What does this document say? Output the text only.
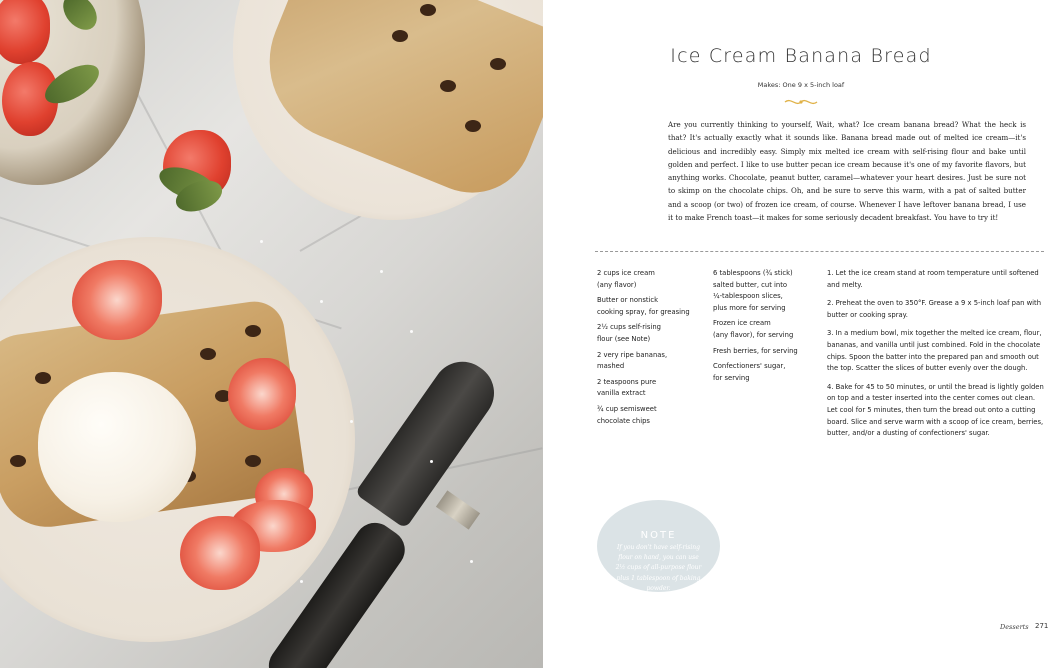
Ice Cream Banana Bread
Makes: One 9 x 5-inch loaf

Are you currently thinking to yourself, Wait, what? Ice cream banana bread? What the heck is that? It's actually exactly what it sounds like. Banana bread made out of melted ice cream—it's delicious and incredibly easy. Simply mix melted ice cream with self-rising flour and bake until golden and perfect. I like to use butter pecan ice cream because it's one of my favorite flavors, but anything works. Chocolate, peanut butter, caramel—whatever your heart desires. Just be sure not to skimp on the chocolate chips. Oh, and be sure to serve this warm, with a pat of salted butter and a scoop (or two) of frozen ice cream, of course. Whenever I have leftover banana bread, I use it to make French toast—it makes for some seriously decadent breakfast. You have to try it!

2 cups ice cream
(any flavor)
Butter or nonstick
cooking spray, for greasing
2½ cups self-rising
flour (see Note)
2 very ripe bananas,
mashed
2 teaspoons pure
vanilla extract
¾ cup semisweet
chocolate chips
6 tablespoons (¾ stick)
salted butter, cut into
¼-tablespoon slices,
plus more for serving
Frozen ice cream
(any flavor), for serving
Fresh berries, for serving
Confectioners' sugar,
for serving

1. Let the ice cream stand at room temperature until softened and melty.

2. Preheat the oven to 350°F. Grease a 9 x 5-inch loaf pan with butter or cooking spray.

3. In a medium bowl, mix together the melted ice cream, flour, bananas, and vanilla until just combined. Fold in the chocolate chips. Spoon the batter into the prepared pan and smooth out the top. Scatter the slices of butter evenly over the dough.

4. Bake for 45 to 50 minutes, or until the bread is lightly golden on top and a tester inserted into the center comes out clean. Let cool for 5 minutes, then turn the bread out onto a cutting board. Slice and serve warm with a scoop of ice cream, berries, butter, and/or a dusting of confectioners' sugar.

NOTE
If you don't have self-rising flour on hand, you can use 2½ cups of all-purpose flour plus 1 tablespoon of baking powder.
Desserts 271
